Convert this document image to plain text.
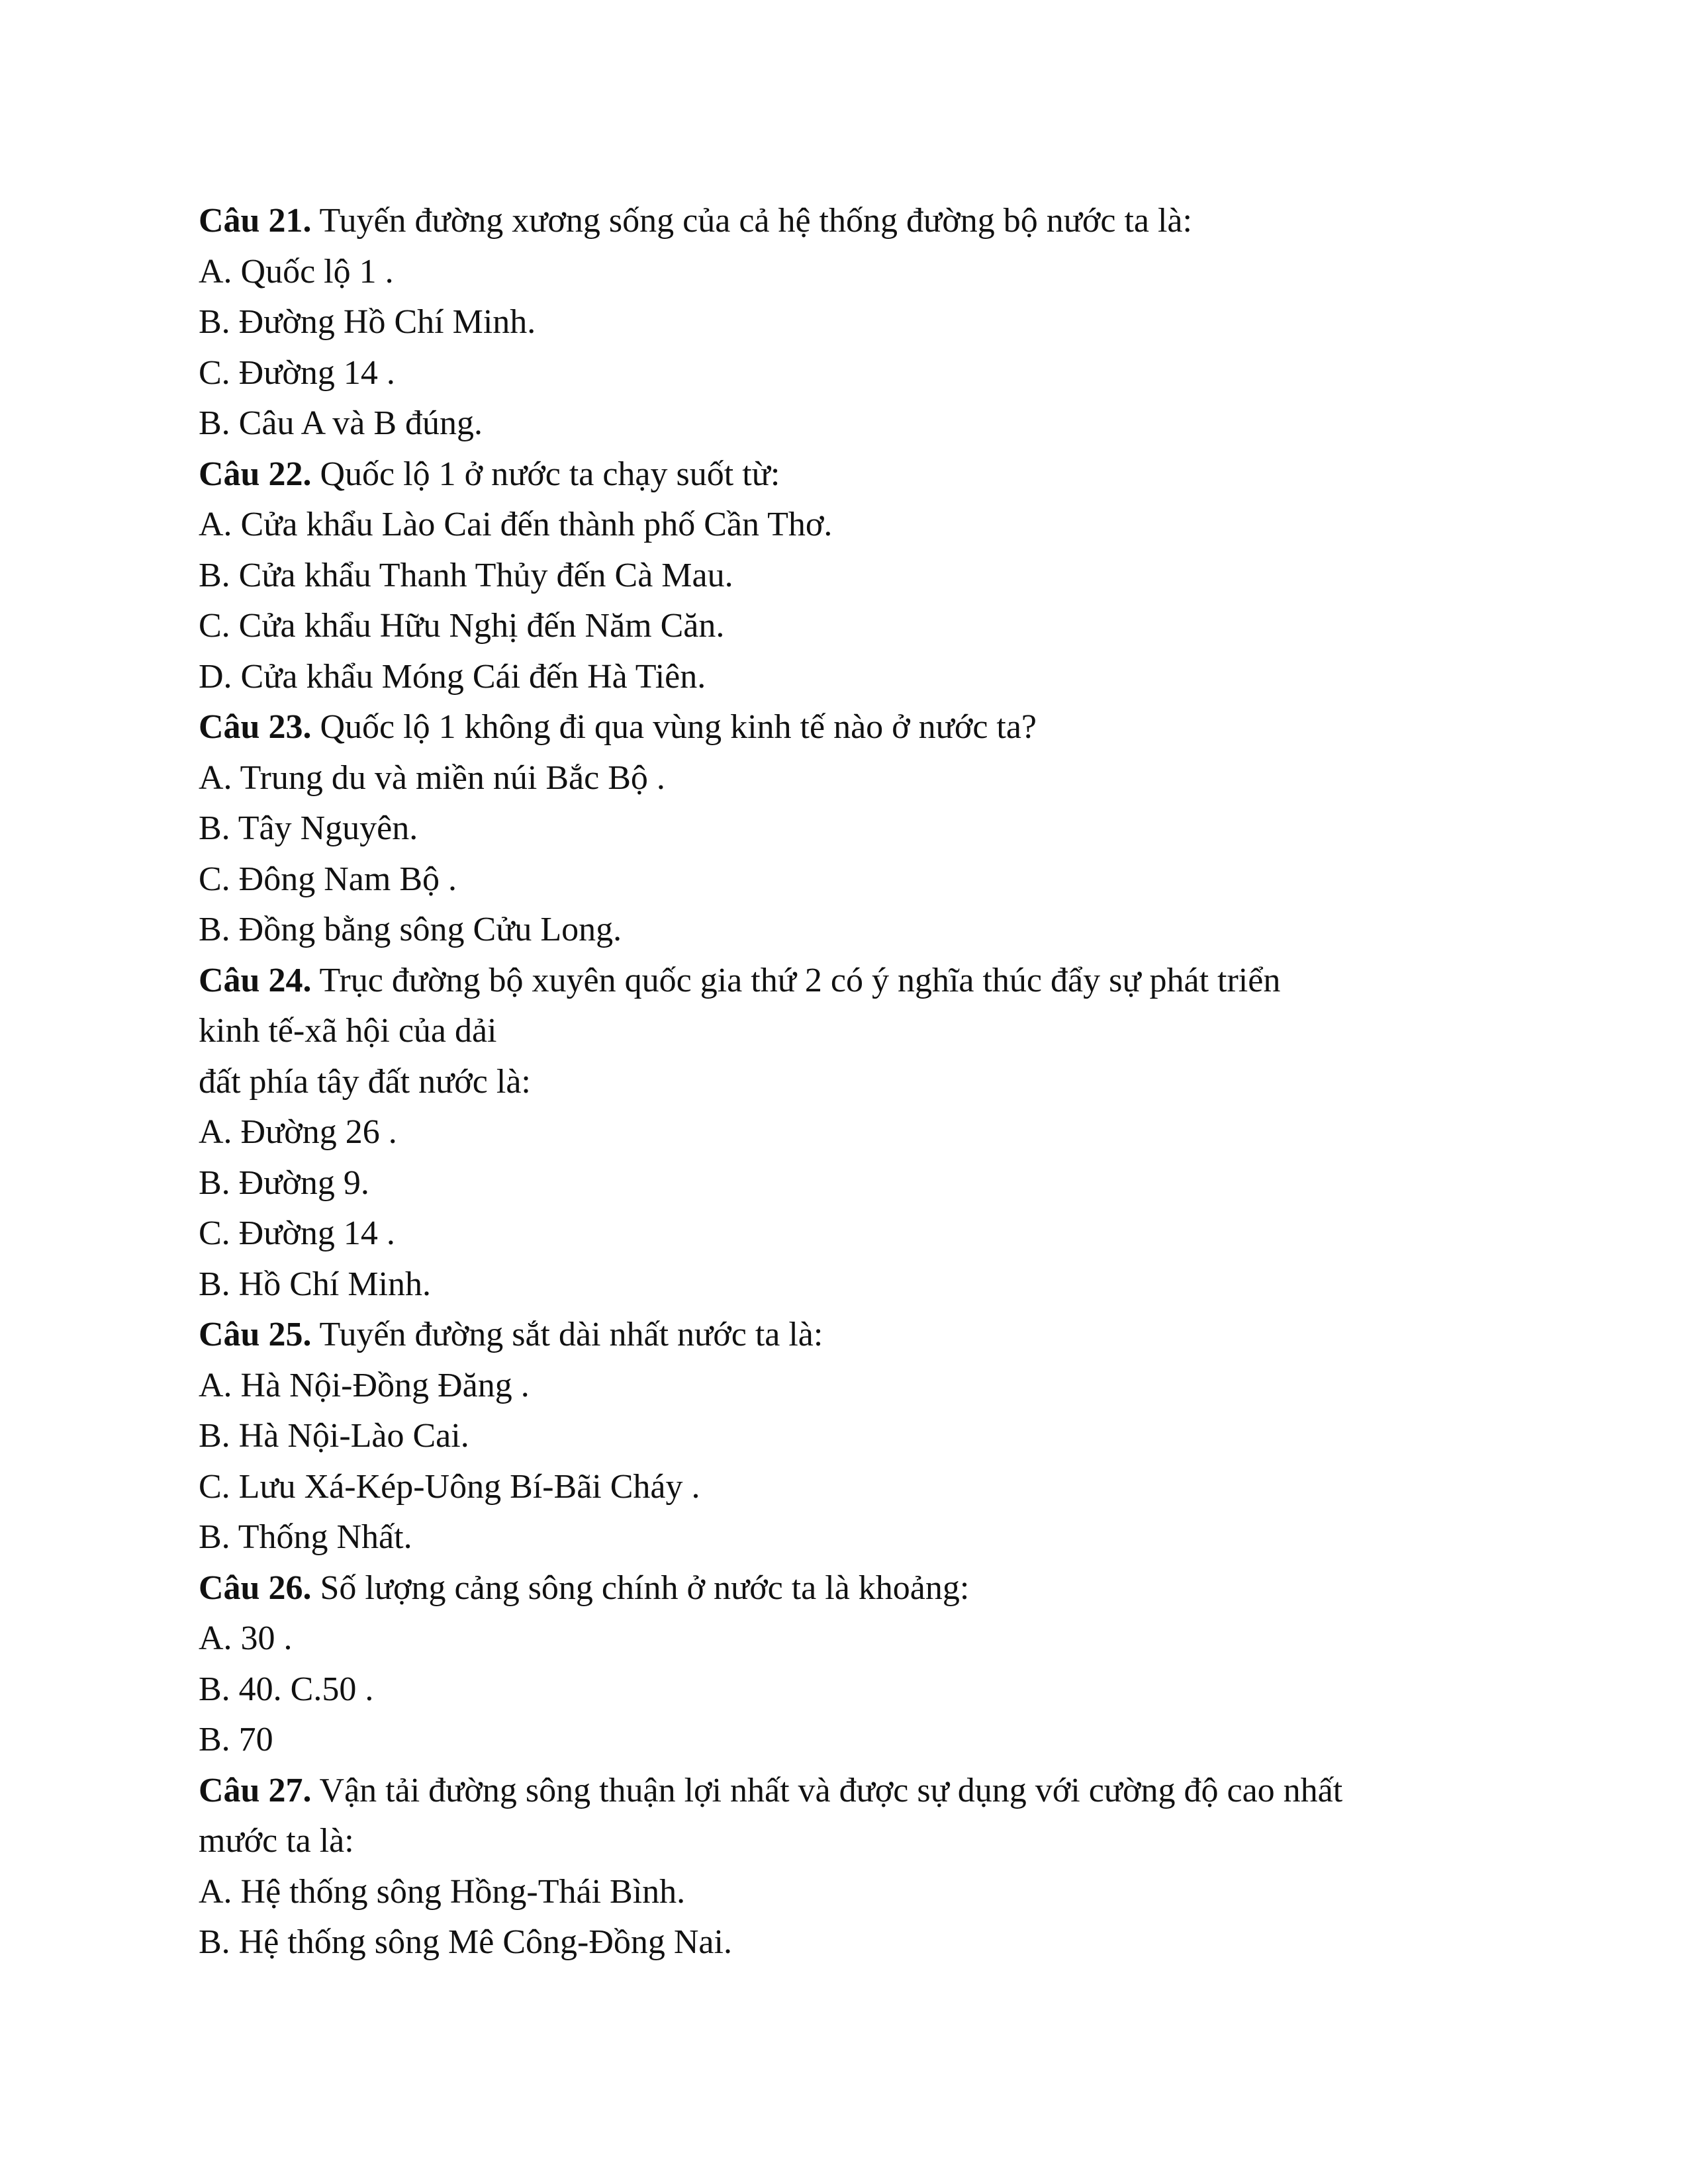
Câu 21. Tuyến đường xương sống của cả hệ thống đường bộ nước ta là:
A. Quốc lộ 1 .
B. Đường Hồ Chí Minh.
C. Đường 14 .
B. Câu A và B đúng.
Câu 22. Quốc lộ 1 ở nước ta chạy suốt từ:
A. Cửa khẩu Lào Cai đến thành phố Cần Thơ.
B. Cửa khẩu Thanh Thủy đến Cà Mau.
C. Cửa khẩu Hữu Nghị đến Năm Căn.
D. Cửa khẩu Móng Cái đến Hà Tiên.
Câu 23. Quốc lộ 1 không đi qua vùng kinh tế nào ở nước ta?
A. Trung du và miền núi Bắc Bộ .
B. Tây Nguyên.
C. Đông Nam Bộ .
B. Đồng bằng sông Cửu Long.
Câu 24. Trục đường bộ xuyên quốc gia thứ 2 có ý nghĩa thúc đẩy sự phát triển
kinh tế-xã hội của dải
đất phía tây đất nước là:
A. Đường 26 .
B. Đường 9.
C. Đường 14 .
B. Hồ Chí Minh.
Câu 25. Tuyến đường sắt dài nhất nước ta là:
A. Hà Nội-Đồng Đăng .
B. Hà Nội-Lào Cai.
C. Lưu Xá-Kép-Uông Bí-Bãi Cháy .
B. Thống Nhất.
Câu 26. Số lượng cảng sông chính ở nước ta là khoảng:
A. 30 .
B. 40. C.50 .
B. 70
Câu 27. Vận tải đường sông thuận lợi nhất và được sự dụng với cường độ cao nhất
mước ta là:
A. Hệ thống sông Hồng-Thái Bình.
B. Hệ thống sông Mê Công-Đồng Nai.
